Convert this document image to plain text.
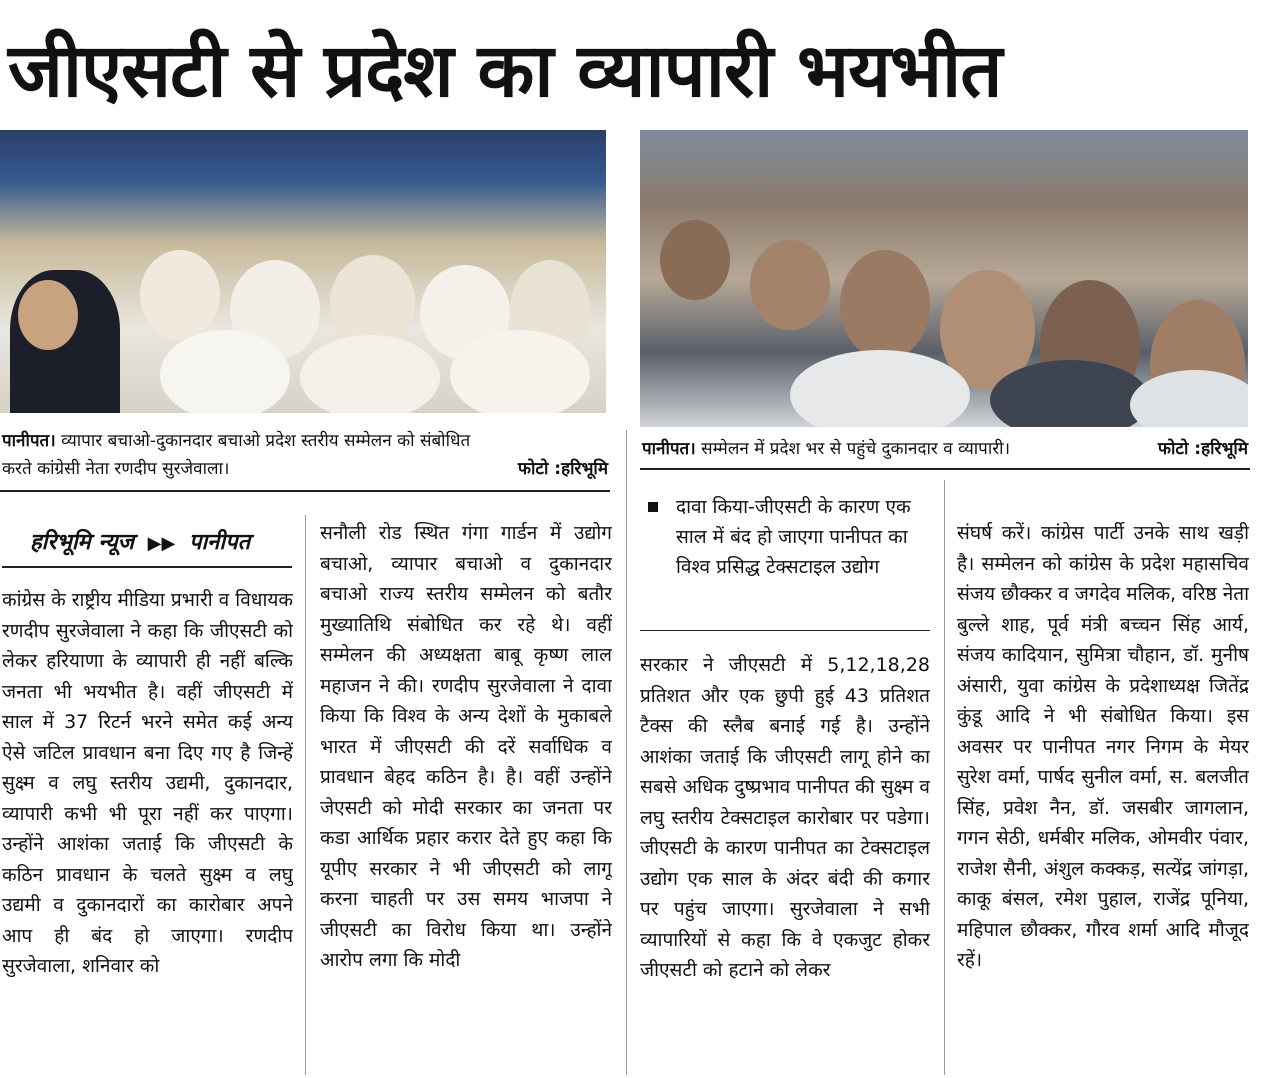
जीएसटी से प्रदेश का व्यापारी भयभीत
पानीपत। व्यापार बचाओ-दुकानदार बचाओ प्रदेश स्तरीय सम्मेलन को संबोधित
करते कांग्रेसी नेता रणदीप सुरजेवाला।	फोटो :हरिभूमि
पानीपत। सम्मेलन में प्रदेश भर से पहुंचे दुकानदार व व्यापारी।	फोटो :हरिभूमि
हरिभूमि न्यूज ▶▶ पानीपत
दावा किया-जीएसटी के कारण एक साल में बंद हो जाएगा पानीपत का विश्व प्रसिद्ध टेक्सटाइल उद्योग

कांग्रेस के राष्ट्रीय मीडिया प्रभारी व विधायक रणदीप सुरजेवाला ने कहा कि जीएसटी को लेकर हरियाणा के व्यापारी ही नहीं बल्कि जनता भी भयभीत है। वहीं जीएसटी में साल में 37 रिटर्न भरने समेत कई अन्य ऐसे जटिल प्रावधान बना दिए गए है जिन्हें सुक्ष्म व लघु स्तरीय उद्यमी, दुकानदार, व्यापारी कभी भी पूरा नहीं कर पाएगा। उन्होंने आशंका जताई कि जीएसटी के कठिन प्रावधान के चलते सुक्ष्म व लघु उद्यमी व दुकानदारों का कारोबार अपने आप ही बंद हो जाएगा। रणदीप सुरजेवाला, शनिवार को

सनौली रोड स्थित गंगा गार्डन में उद्योग बचाओ, व्यापार बचाओ व दुकानदार बचाओ राज्य स्तरीय सम्मेलन को बतौर मुख्यातिथि संबोधित कर रहे थे। वहीं सम्मेलन की अध्यक्षता बाबू कृष्ण लाल महाजन ने की। रणदीप सुरजेवाला ने दावा किया कि विश्व के अन्य देशों के मुकाबले भारत में जीएसटी की दरें सर्वाधिक व प्रावधान बेहद कठिन है। है। वहीं उन्होंने जेएसटी को मोदी सरकार का जनता पर कडा आर्थिक प्रहार करार देते हुए कहा कि यूपीए सरकार ने भी जीएसटी को लागू करना चाहती पर उस समय भाजपा ने जीएसटी का विरोध किया था। उन्होंने आरोप लगा कि मोदी

सरकार ने जीएसटी में 5,12,18,28 प्रतिशत और एक छुपी हुई 43 प्रतिशत टैक्स की स्लैब बनाई गई है। उन्होंने आशंका जताई कि जीएसटी लागू होने का सबसे अधिक दुष्प्रभाव पानीपत की सुक्ष्म व लघु स्तरीय टेक्सटाइल कारोबार पर पडेगा। जीएसटी के कारण पानीपत का टेक्सटाइल उद्योग एक साल के अंदर बंदी की कगार पर पहुंच जाएगा। सुरजेवाला ने सभी व्यापारियों से कहा कि वे एकजुट होकर जीएसटी को हटाने को लेकर

संघर्ष करें। कांग्रेस पार्टी उनके साथ खड़ी है। सम्मेलन को कांग्रेस के प्रदेश महासचिव संजय छौक्कर व जगदेव मलिक, वरिष्ठ नेता बुल्ले शाह, पूर्व मंत्री बच्चन सिंह आर्य, संजय कादियान, सुमित्रा चौहान, डॉ. मुनीष अंसारी, युवा कांग्रेस के प्रदेशाध्यक्ष जितेंद्र कुंडू आदि ने भी संबोधित किया। इस अवसर पर पानीपत नगर निगम के मेयर सुरेश वर्मा, पार्षद सुनील वर्मा, स. बलजीत सिंह, प्रवेश नैन, डॉ. जसबीर जागलान, गगन सेठी, धर्मबीर मलिक, ओमवीर पंवार, राजेश सैनी, अंशुल कक्कड़, सत्येंद्र जांगड़ा, काकू बंसल, रमेश पुहाल, राजेंद्र पूनिया, महिपाल छौक्कर, गौरव शर्मा आदि मौजूद रहें।
